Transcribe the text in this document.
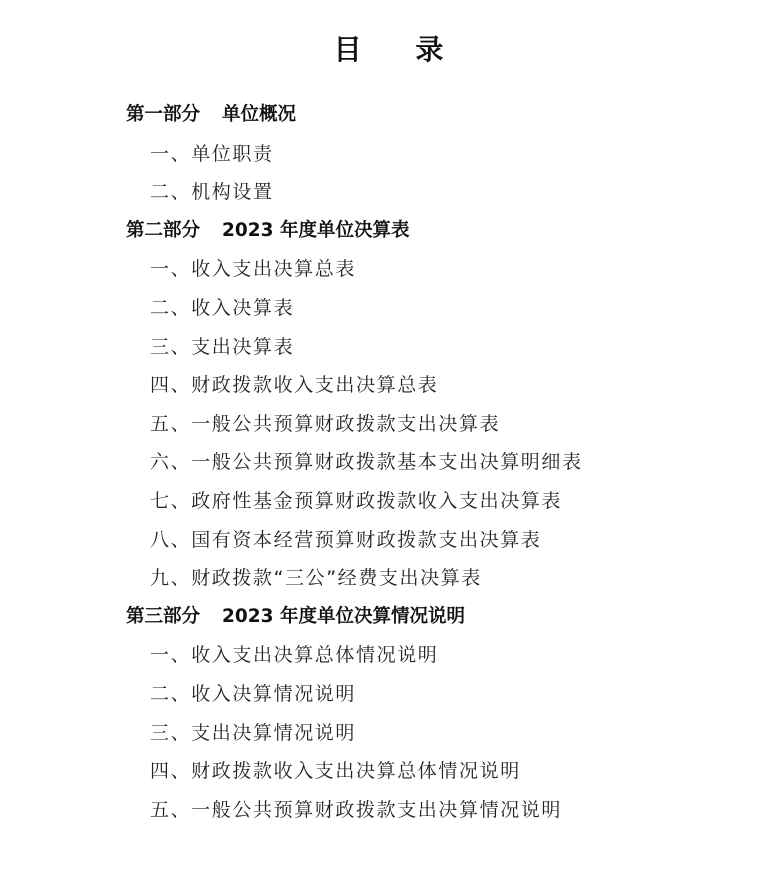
目 录
第一部分 单位概况
一、单位职责
二、机构设置
第二部分 2023 年度单位决算表
一、收入支出决算总表
二、收入决算表
三、支出决算表
四、财政拨款收入支出决算总表
五、一般公共预算财政拨款支出决算表
六、一般公共预算财政拨款基本支出决算明细表
七、政府性基金预算财政拨款收入支出决算表
八、国有资本经营预算财政拨款支出决算表
九、财政拨款“三公”经费支出决算表
第三部分 2023 年度单位决算情况说明
一、收入支出决算总体情况说明
二、收入决算情况说明
三、支出决算情况说明
四、财政拨款收入支出决算总体情况说明
五、一般公共预算财政拨款支出决算情况说明
